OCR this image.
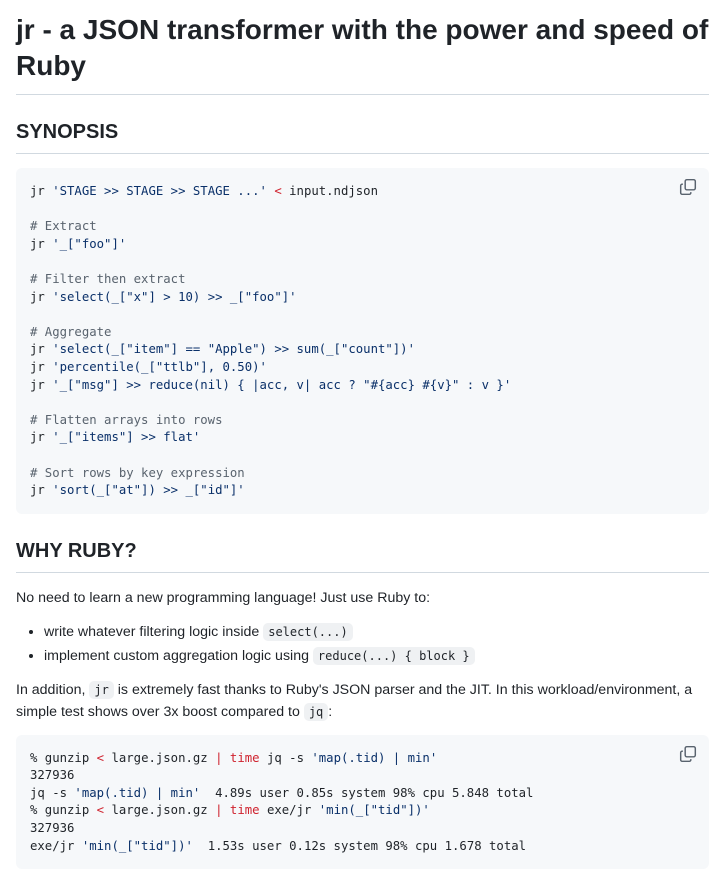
jr - a JSON transformer with the power and speed of Ruby
SYNOPSIS
jr 'STAGE >> STAGE >> STAGE ...' < input.ndjson
# Extract
jr '_["foo"]'
# Filter then extract
jr 'select(_["x"] > 10) >> _["foo"]'
# Aggregate
jr 'select(_["item"] == "Apple") >> sum(_["count"])'
jr 'percentile(_["ttlb"], 0.50)'
jr '_["msg"] >> reduce(nil) { |acc, v| acc ? "#{acc} #{v}" : v }'
# Flatten arrays into rows
jr '_["items"] >> flat'
# Sort rows by key expression
jr 'sort(_["at"]) >> _["id"]'
WHY RUBY?

No need to learn a new programming language! Just use Ruby to:

• write whatever filtering logic inside select(...)
• implement custom aggregation logic using reduce(...) { block }

In addition, jr is extremely fast thanks to Ruby's JSON parser and the JIT. In this workload/environment, a simple test shows over 3x boost compared to jq :

% gunzip < large.json.gz | time jq -s 'map(.tid) | min'
327936
jq -s 'map(.tid) | min'  4.89s user 0.85s system 98% cpu 5.848 total
% gunzip < large.json.gz | time exe/jr 'min(_["tid"])'
327936
exe/jr 'min(_["tid"])'  1.53s user 0.12s system 98% cpu 1.678 total
